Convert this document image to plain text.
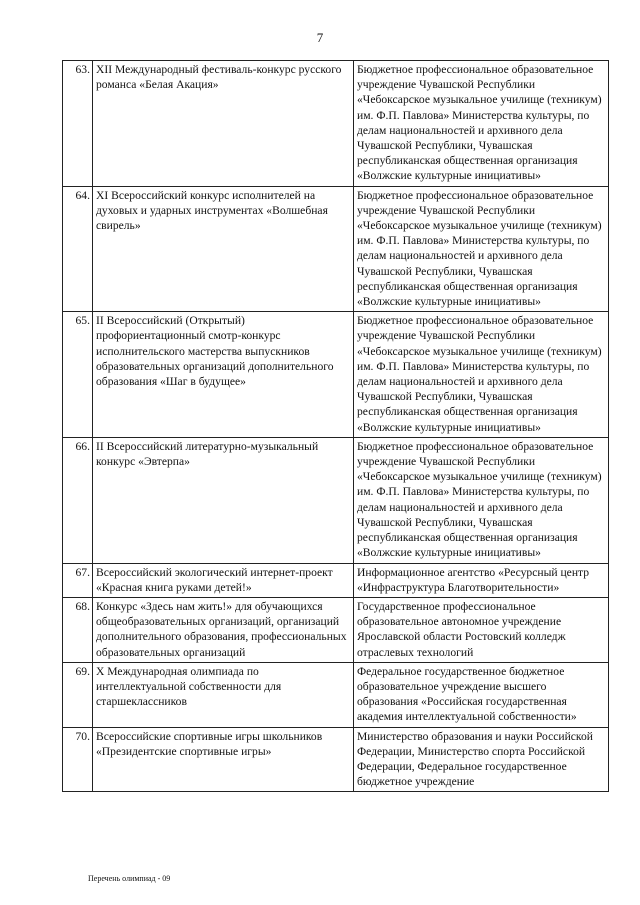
7
63.	XII Международный фестиваль-конкурс русского романса «Белая Акация»	Бюджетное профессиональное образовательное учреждение Чувашской Республики «Чебоксарское музыкальное училище (техникум) им. Ф.П. Павлова» Министерства культуры, по делам национальностей и архивного дела Чувашской Республики, Чувашская республиканская общественная организация «Волжские культурные инициативы»
64.	XI Всероссийский конкурс исполнителей на духовых и ударных инструментах «Волшебная свирель»	Бюджетное профессиональное образовательное учреждение Чувашской Республики «Чебоксарское музыкальное училище (техникум) им. Ф.П. Павлова» Министерства культуры, по делам национальностей и архивного дела Чувашской Республики, Чувашская республиканская общественная организация «Волжские культурные инициативы»
65.	II Всероссийский (Открытый) профориентационный смотр-конкурс исполнительского мастерства выпускников образовательных организаций дополнительного образования «Шаг в будущее»	Бюджетное профессиональное образовательное учреждение Чувашской Республики «Чебоксарское музыкальное училище (техникум) им. Ф.П. Павлова» Министерства культуры, по делам национальностей и архивного дела Чувашской Республики, Чувашская республиканская общественная организация «Волжские культурные инициативы»
66.	II Всероссийский литературно-музыкальный конкурс «Эвтерпа»	Бюджетное профессиональное образовательное учреждение Чувашской Республики «Чебоксарское музыкальное училище (техникум) им. Ф.П. Павлова» Министерства культуры, по делам национальностей и архивного дела Чувашской Республики, Чувашская республиканская общественная организация «Волжские культурные инициативы»
67.	Всероссийский экологический интернет-проект «Красная книга руками детей!»	Информационное агентство «Ресурсный центр «Инфраструктура Благотворительности»
68.	Конкурс «Здесь нам жить!» для обучающихся общеобразовательных организаций, организаций дополнительного образования, профессиональных образовательных организаций	Государственное профессиональное образовательное автономное учреждение Ярославской области Ростовский колледж отраслевых технологий
69.	X Международная олимпиада по интеллектуальной собственности для старшеклассников	Федеральное государственное бюджетное образовательное учреждение высшего образования «Российская государственная академия интеллектуальной собственности»
70.	Всероссийские спортивные игры школьников «Президентские спортивные игры»	Министерство образования и науки Российской Федерации, Министерство спорта Российской Федерации, Федеральное государственное бюджетное учреждение
Перечень олимпиад - 09
